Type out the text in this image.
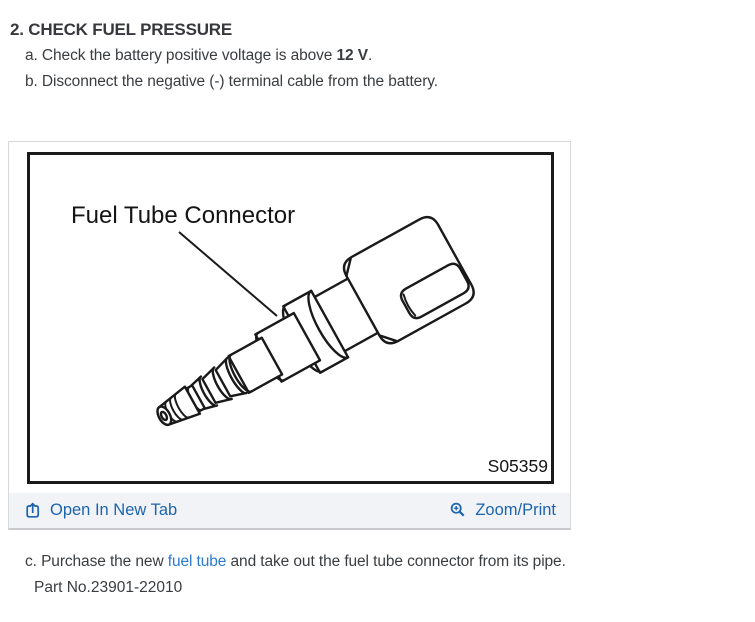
2. CHECK FUEL PRESSURE
a. Check the battery positive voltage is above 12 V.
b. Disconnect the negative (-) terminal cable from the battery.
Fuel Tube Connector
S05359
Open In New Tab	Zoom/Print
c. Purchase the new fuel tube and take out the fuel tube connector from its pipe.
Part No.23901-22010
